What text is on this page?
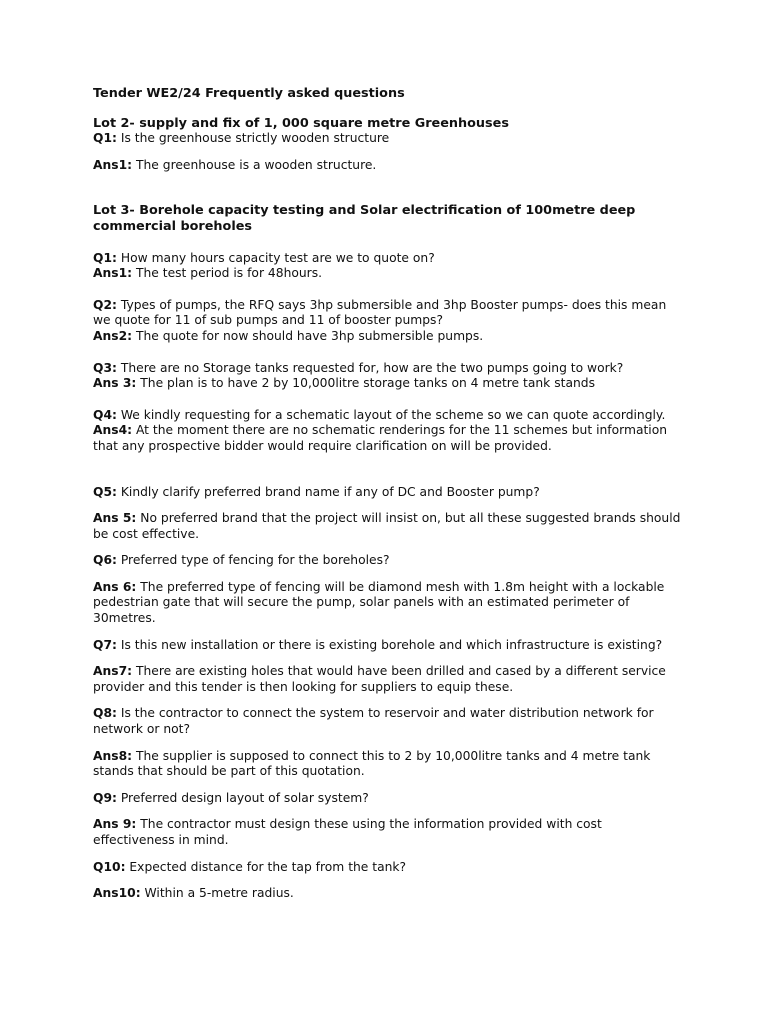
Tender WE2/24 Frequently asked questions

Lot 2- supply and fix of 1, 000 square metre Greenhouses

Q1: Is the greenhouse strictly wooden structure

Ans1: The greenhouse is a wooden structure.

Lot 3- Borehole capacity testing and Solar electrification of 100metre deep commercial boreholes

Q1: How many hours capacity test are we to quote on?
Ans1: The test period is for 48hours.
Q2: Types of pumps, the RFQ says 3hp submersible and 3hp Booster pumps- does this mean we quote for 11 of sub pumps and 11 of booster pumps?
Ans2: The quote for now should have 3hp submersible pumps.
Q3: There are no Storage tanks requested for, how are the two pumps going to work?
Ans 3: The plan is to have 2 by 10,000litre storage tanks on 4 metre tank stands
Q4: We kindly requesting for a schematic layout of the scheme so we can quote accordingly.
Ans4: At the moment there are no schematic renderings for the 11 schemes but information that any prospective bidder would require clarification on will be provided.

Q5: Kindly clarify preferred brand name if any of DC and Booster pump?

Ans 5: No preferred brand that the project will insist on, but all these suggested brands should be cost effective.

Q6: Preferred type of fencing for the boreholes?

Ans 6: The preferred type of fencing will be diamond mesh with 1.8m height with a lockable pedestrian gate that will secure the pump, solar panels with an estimated perimeter of 30metres.

Q7: Is this new installation or there is existing borehole and which infrastructure is existing?

Ans7: There are existing holes that would have been drilled and cased by a different service provider and this tender is then looking for suppliers to equip these.

Q8: Is the contractor to connect the system to reservoir and water distribution network for network or not?

Ans8: The supplier is supposed to connect this to 2 by 10,000litre tanks and 4 metre tank stands that should be part of this quotation.

Q9: Preferred design layout of solar system?

Ans 9: The contractor must design these using the information provided with cost effectiveness in mind.

Q10: Expected distance for the tap from the tank?

Ans10: Within a 5-metre radius.
